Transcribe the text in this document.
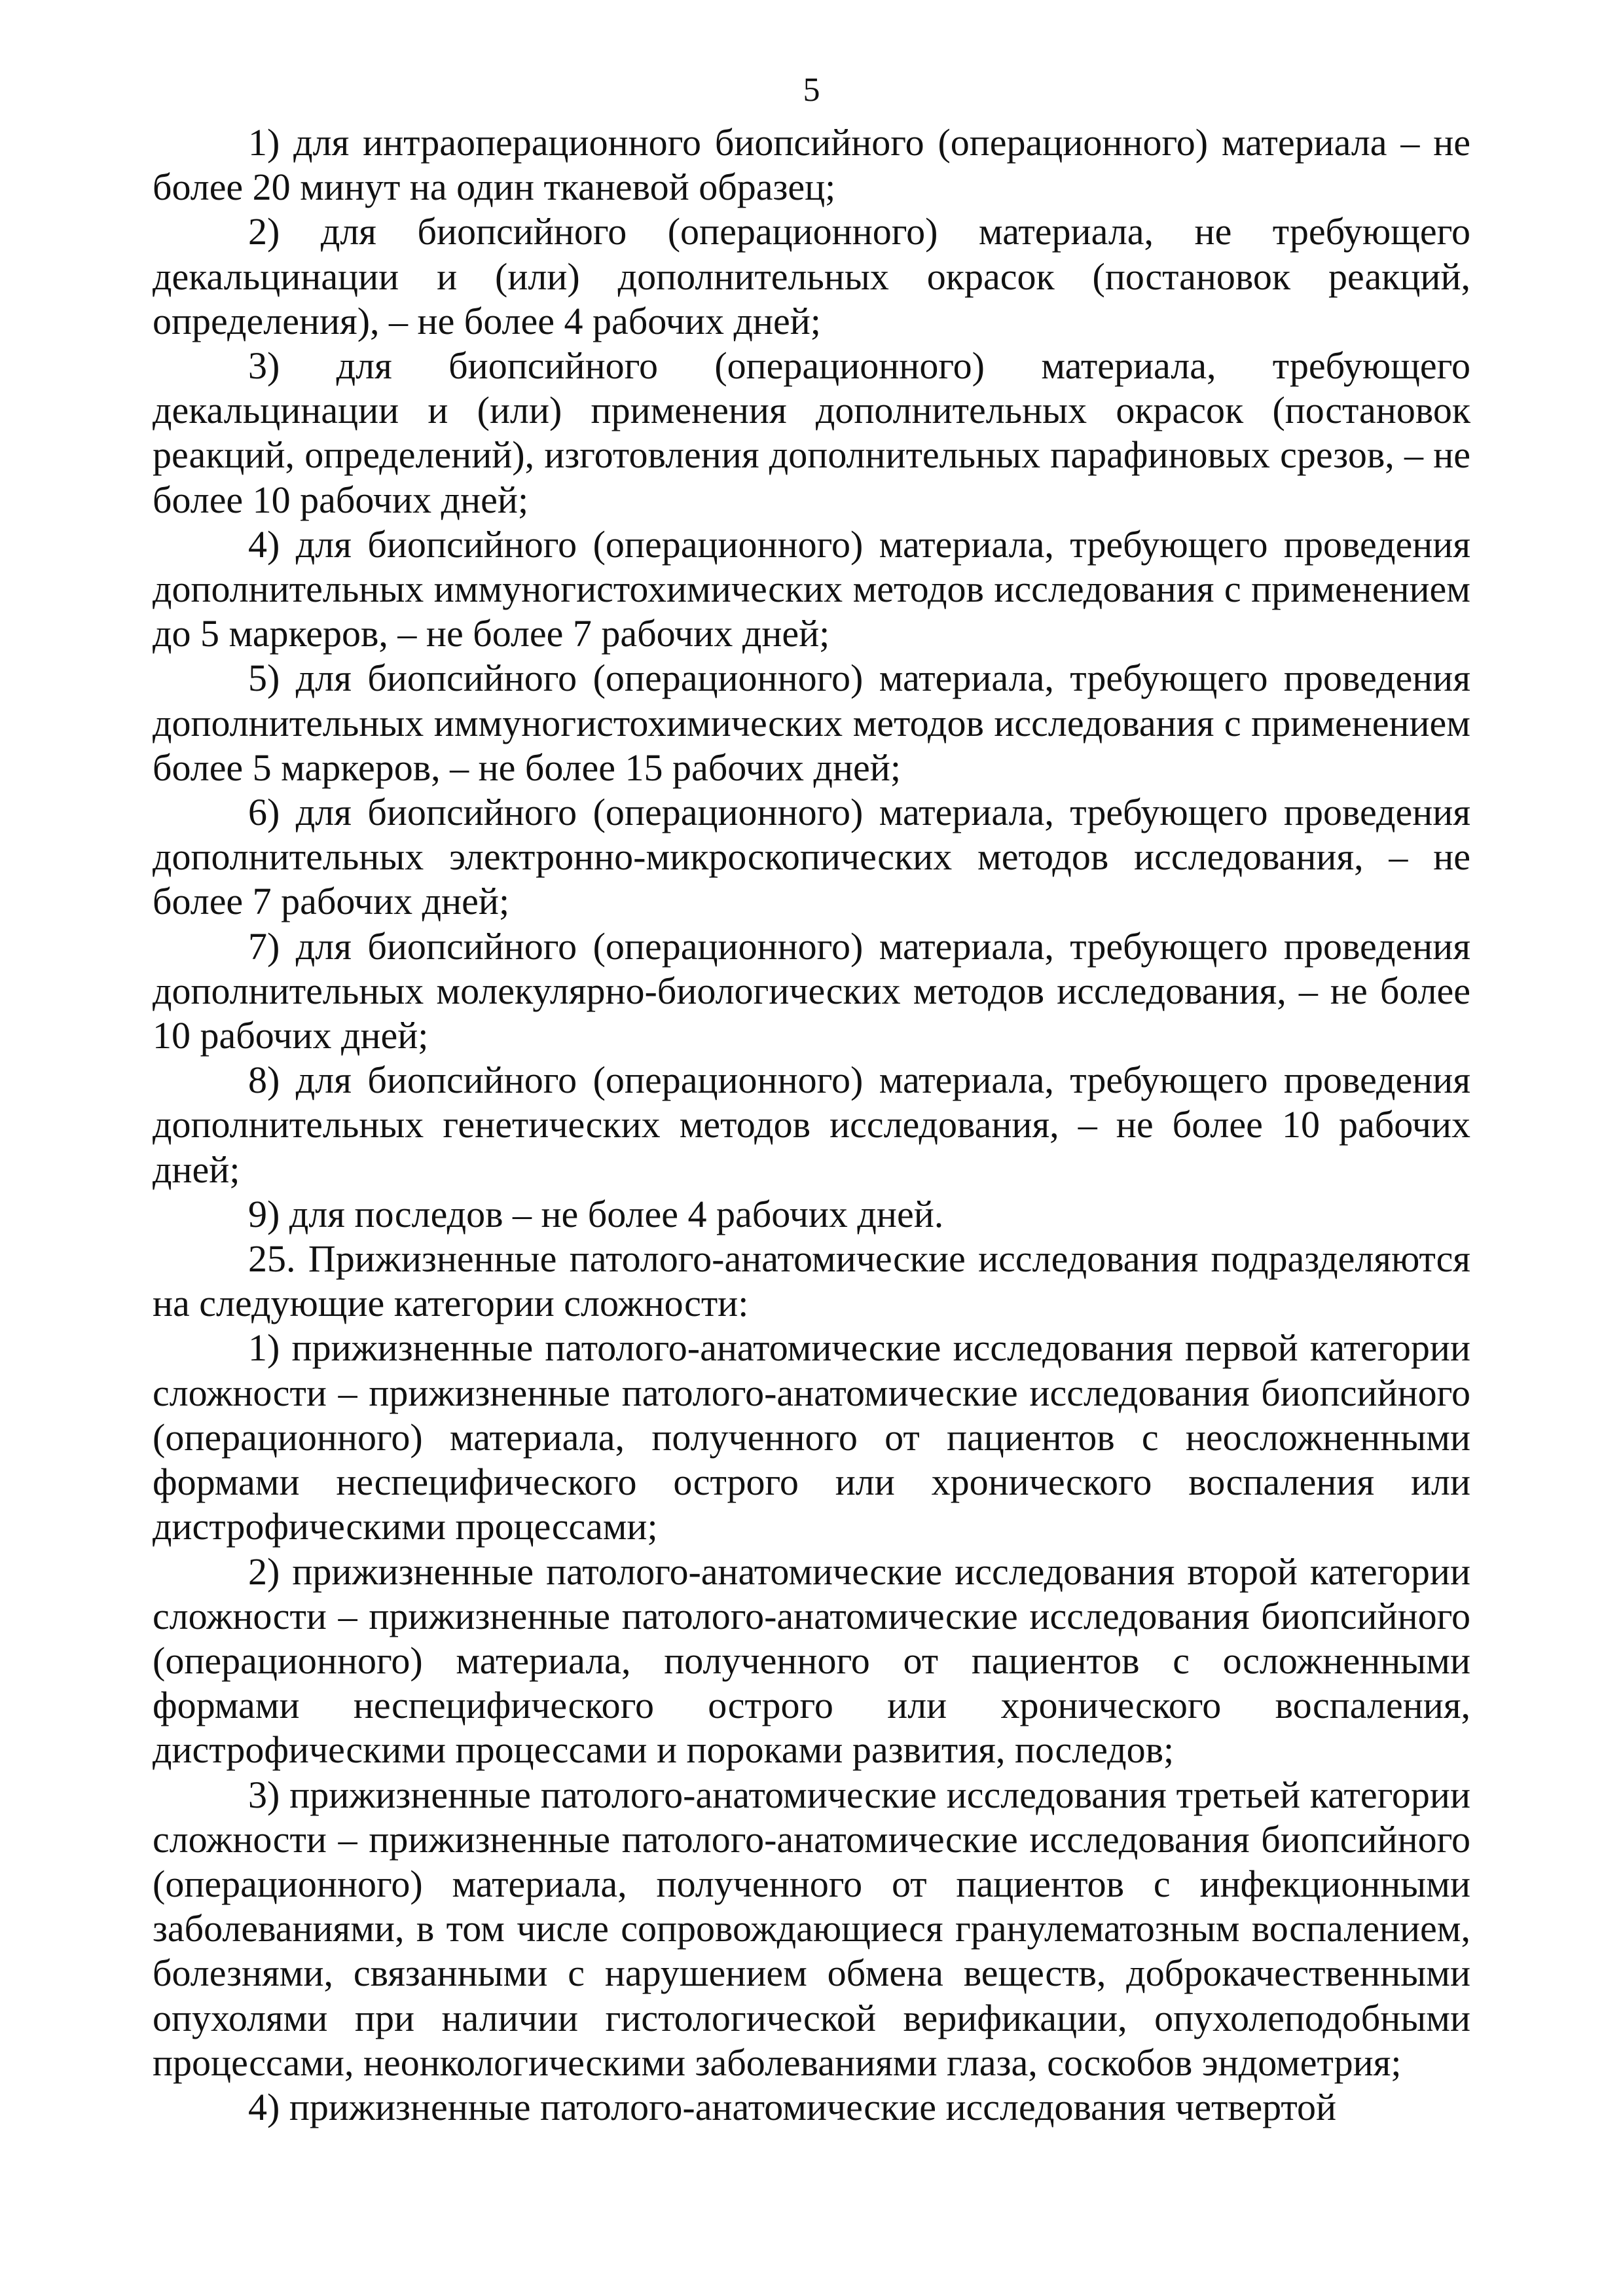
5

1) для интраоперационного биопсийного (операционного) материала – не более 20 минут на один тканевой образец;

2) для биопсийного (операционного) материала, не требующего декальцинации и (или) дополнительных окрасок (постановок реакций, определения), – не более 4 рабочих дней;

3) для биопсийного (операционного) материала, требующего декальцинации и (или) применения дополнительных окрасок (постановок реакций, определений), изготовления дополнительных парафиновых срезов, – не более 10 рабочих дней;

4) для биопсийного (операционного) материала, требующего проведения дополнительных иммуногистохимических методов исследования с применением до 5 маркеров, – не более 7 рабочих дней;

5) для биопсийного (операционного) материала, требующего проведения дополнительных иммуногистохимических методов исследования с применением более 5 маркеров, – не более 15 рабочих дней;

6) для биопсийного (операционного) материала, требующего проведения дополнительных электронно-микроскопических методов исследования, – не более 7 рабочих дней;

7) для биопсийного (операционного) материала, требующего проведения дополнительных молекулярно-биологических методов исследования, – не более 10 рабочих дней;

8) для биопсийного (операционного) материала, требующего проведения дополнительных генетических методов исследования, – не более 10 рабочих дней;

9) для последов – не более 4 рабочих дней.

25. Прижизненные патолого-анатомические исследования подразделяются на следующие категории сложности:

1) прижизненные патолого-анатомические исследования первой категории сложности – прижизненные патолого-анатомические исследования биопсийного (операционного) материала, полученного от пациентов с неосложненными формами неспецифического острого или хронического воспаления или дистрофическими процессами;

2) прижизненные патолого-анатомические исследования второй категории сложности – прижизненные патолого-анатомические исследования биопсийного (операционного) материала, полученного от пациентов с осложненными формами неспецифического острого или хронического воспаления, дистрофическими процессами и пороками развития, последов;

3) прижизненные патолого-анатомические исследования третьей категории сложности – прижизненные патолого-анатомические исследования биопсийного (операционного) материала, полученного от пациентов с инфекционными заболеваниями, в том числе сопровождающиеся гранулематозным воспалением, болезнями, связанными с нарушением обмена веществ, доброкачественными опухолями при наличии гистологической верификации, опухолеподобными процессами, неонкологическими заболеваниями глаза, соскобов эндометрия;

4) прижизненные патолого-анатомические исследования четвертой
